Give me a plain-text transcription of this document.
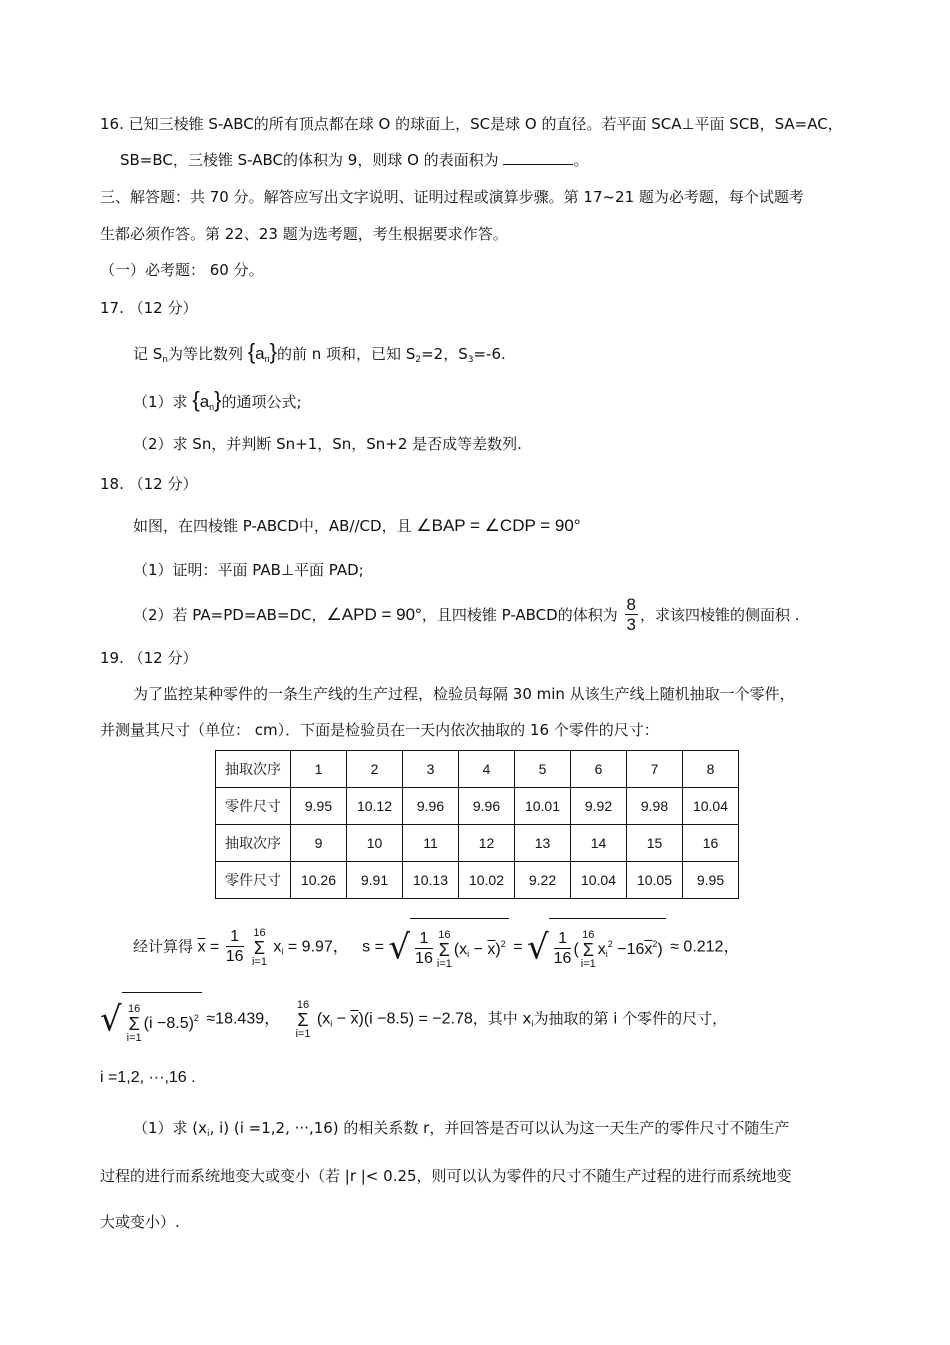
16. 已知三棱锥 S-ABC的所有顶点都在球 O 的球面上，SC是球 O 的直径。若平面 SCA⊥平面 SCB，SA=AC，
SB=BC，三棱锥 S-ABC的体积为 9，则球 O 的表面积为	。
三、解答题：共 70 分。解答应写出文字说明、证明过程或演算步骤。第 17~21 题为必考题，每个试题考
生都必须作答。第 22、23 题为选考题，考生根据要求作答。
（一）必考题： 60 分。
17. （12 分）
记 $S_n$为等比数列 $\{a_n\}$的前 n 项和，已知 $S_2=2$，$S_3=-6$.
（1）求 $\{a_n\}$的通项公式;
（2）求 Sn，并判断 Sn+1，Sn，Sn+2 是否成等差数列.
18. （12 分）
如图，在四棱锥 P-ABCD中，AB//CD，且 ∠BAP = ∠CDP = 90°
（1）证明：平面 PAB⊥平面 PAD;
（2）若 PA=PD=AB=DC，∠APD = 90°，且四棱锥 P-ABCD的体积为 $\frac{8}{3}$ ，求该四棱锥的侧面积 .
19. （12 分）
为了监控某种零件的一条生产线的生产过程，检验员每隔 30 min 从该生产线上随机抽取一个零件，
并测量其尺寸（单位： cm）．下面是检验员在一天内依次抽取的 16 个零件的尺寸：
抽取次序	1	2	3	4	5	6	7	8
零件尺寸	9.95	10.12	9.96	9.96	10.01	9.92	9.98	10.04
抽取次序	9	10	11	12	13	14	15	16
零件尺寸	10.26	9.91	10.13	10.02	9.22	10.04	10.05	9.95
经计算得 $\overline{x} = \frac{1}{16}$
16
Σ
i=1
$x_i = 9.97$，   s = √ $\frac{1}{16} 16$
Σ
i=1
$(x_i - \overline{x})^2$ = √ $\frac{1}{16}$ (
16
Σ
i=1
$x_i^2 -16\overline{x}^2) \approx 0.212$，
√ 16
Σ
i=1
$(i -8.5)^2 \approx 18.439$，
16
Σ
i=1
$(x_i - \overline{x})(i -8.5) = -2.78$，其中 $x_i$为抽取的第 i 个零件的尺寸，
i =1,2, ···,16 .
（1）求 ($x_i$, i) (i =1,2, ···,16) 的相关系数 r，并回答是否可以认为这一天生产的零件尺寸不随生产
过程的进行而系统地变大或变小（若 |r |< 0.25，则可以认为零件的尺寸不随生产过程的进行而系统地变
大或变小）.
